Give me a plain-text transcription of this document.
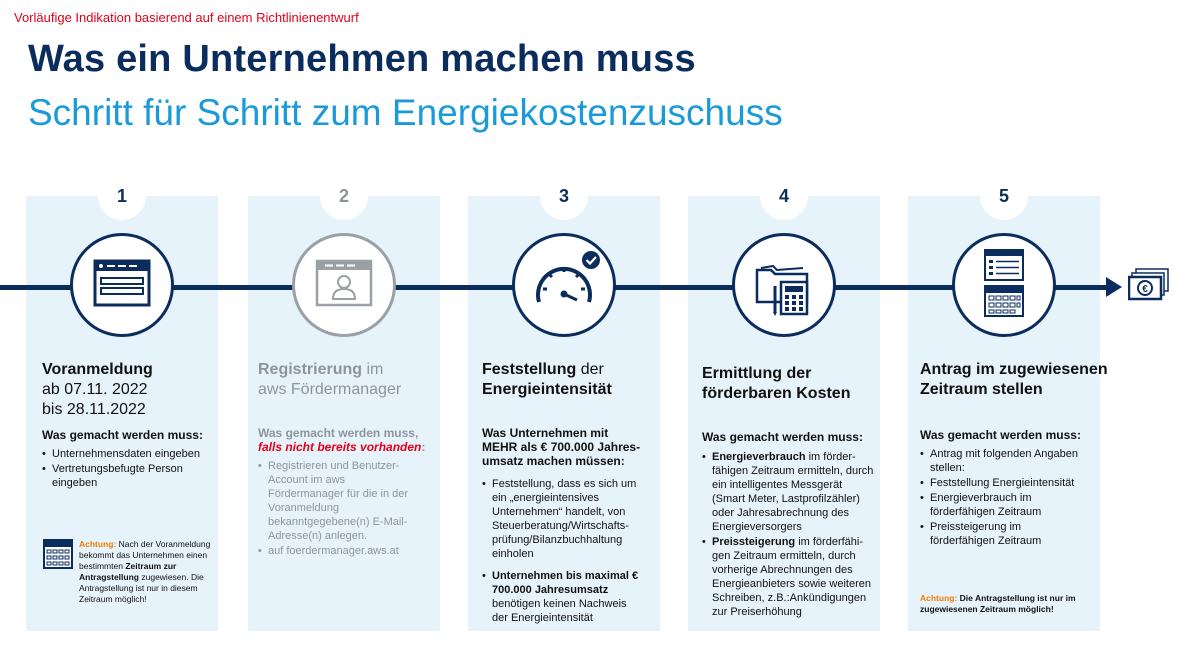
Vorläufige Indikation basierend auf einem Richtlinienentwurf
Was ein Unternehmen machen muss
Schritt für Schritt zum Energiekostenzuschuss
1	2	3	4	5
€
Voranmeldung
ab 07.11. 2022
bis 28.11.2022
Was gemacht werden muss:
• Unternehmensdaten eingeben
• Vertretungsbefugte Person eingeben
Achtung: Nach der Voranmeldung bekommt das Unternehmen einen bestimmten Zeitraum zur Antragstellung zugewiesen. Die Antragstellung ist nur in diesem Zeitraum möglich!
Registrierung im
aws Fördermanager
Was gemacht werden muss,
falls nicht bereits vorhanden:
• Registrieren und Benutzer-Account im aws Fördermanager für die in der Voranmeldung bekanntgegebene(n) E-Mail-Adresse(n) anlegen.
• auf foerdermanager.aws.at
Feststellung der
Energieintensität
Was Unternehmen mit MEHR als € 700.000 Jahres-umsatz machen müssen:
• Feststellung, dass es sich um ein „energieintensives Unternehmen“ handelt, von Steuerberatung/Wirtschafts-prüfung/Bilanzbuchhaltung einholen
• Unternehmen bis maximal € 700.000 Jahresumsatz benötigen keinen Nachweis der Energieintensität
Ermittlung der
förderbaren Kosten
Was gemacht werden muss:
• Energieverbrauch im förder-fähigen Zeitraum ermitteln, durch ein intelligentes Messgerät (Smart Meter, Lastprofilzähler) oder Jahresabrechnung des Energieversorgers
• Preissteigerung im förderfähi-gen Zeitraum ermitteln, durch vorherige Abrechnungen des Energieanbieters sowie weiteren Schreiben, z.B.:Ankündigungen zur Preiserhöhung
Antrag im zugewiesenen
Zeitraum stellen
Was gemacht werden muss:
• Antrag mit folgenden Angaben stellen:
• Feststellung Energieintensität
• Energieverbrauch im förderfähigen Zeitraum
• Preissteigerung im förderfähigen Zeitraum
Achtung: Die Antragstellung ist nur im zugewiesenen Zeitraum möglich!
